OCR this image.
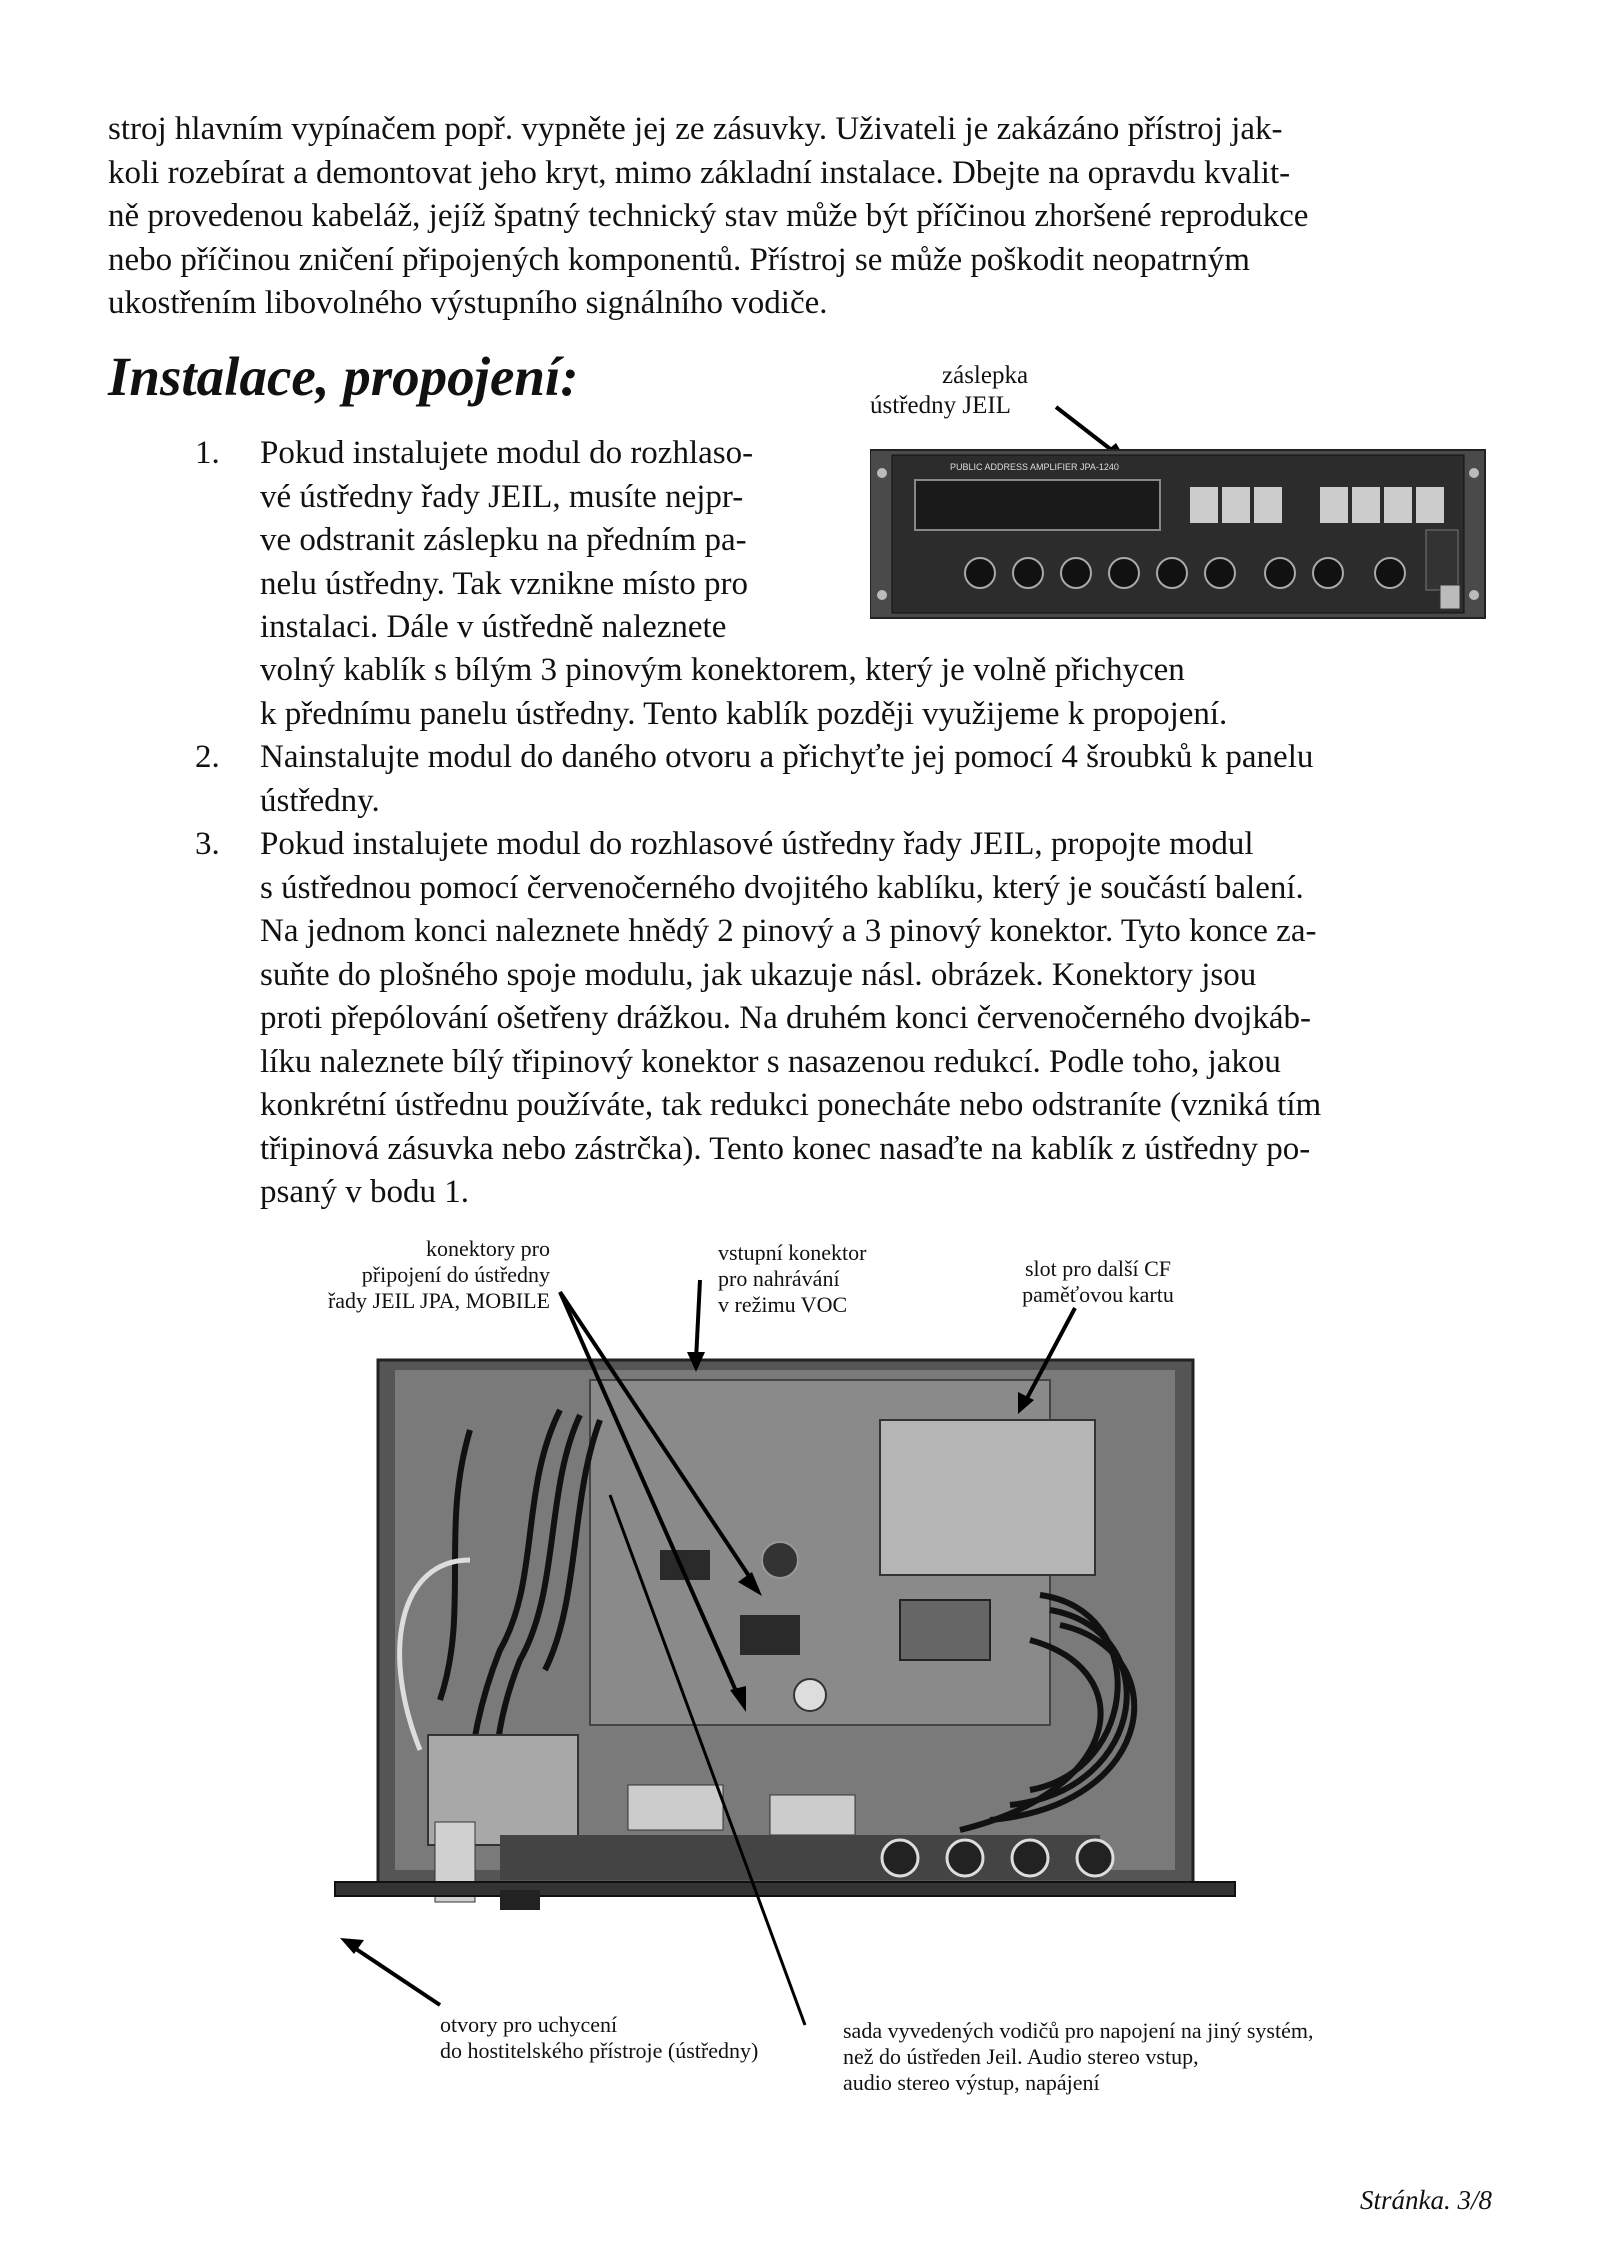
stroj hlavním vypínačem popř. vypněte jej ze zásuvky. Uživateli je zakázáno přístroj jak-
koli rozebírat a demontovat jeho kryt, mimo základní instalace. Dbejte na opravdu kvalit-
ně provedenou kabeláž, jejíž špatný technický stav může být příčinou zhoršené reprodukce
nebo příčinou zničení připojených komponentů. Přístroj se může poškodit neopatrným
ukostřením libovolného výstupního signálního vodiče.
Instalace, propojení:	záslepka
ústředny JEIL
PUBLIC ADDRESS AMPLIFIER JPA-1240
1. Pokud instalujete modul do rozhlaso-
vé ústředny řady JEIL, musíte nejpr-
ve odstranit záslepku na předním pa-
nelu ústředny. Tak vznikne místo pro
instalaci. Dále v ústředně naleznete
volný kablík s bílým 3 pinovým konektorem, který je volně přichycen
k přednímu panelu ústředny. Tento kablík později využijeme k propojení.
2. Nainstalujte modul do daného otvoru a přichyťte jej pomocí 4 šroubků k panelu
ústředny.
3. Pokud instalujete modul do rozhlasové ústředny řady JEIL, propojte modul
s ústřednou pomocí červenočerného dvojitého kablíku, který je součástí balení.
Na jednom konci naleznete hnědý 2 pinový a 3 pinový konektor. Tyto konce za-
suňte do plošného spoje modulu, jak ukazuje násl. obrázek. Konektory jsou
proti přepólování ošetřeny drážkou. Na druhém konci červenočerného dvojkáb-
líku naleznete bílý třipinový konektor s nasazenou redukcí. Podle toho, jakou
konkrétní ústřednu používáte, tak redukci ponecháte nebo odstraníte (vzniká tím
třipinová zásuvka nebo zástrčka). Tento konec nasaďte na kablík z ústředny po-
psaný v bodu 1.
konektory pro
připojení do ústředny
řady JEIL JPA, MOBILE
vstupní konektor
pro nahrávání
v režimu VOC
slot pro další CF
paměťovou kartu
otvory pro uchycení
do hostitelského přístroje (ústředny)
sada vyvedených vodičů pro napojení na jiný systém,
než do ústředen Jeil. Audio stereo vstup,
audio stereo výstup, napájení
Stránka. 3/8
